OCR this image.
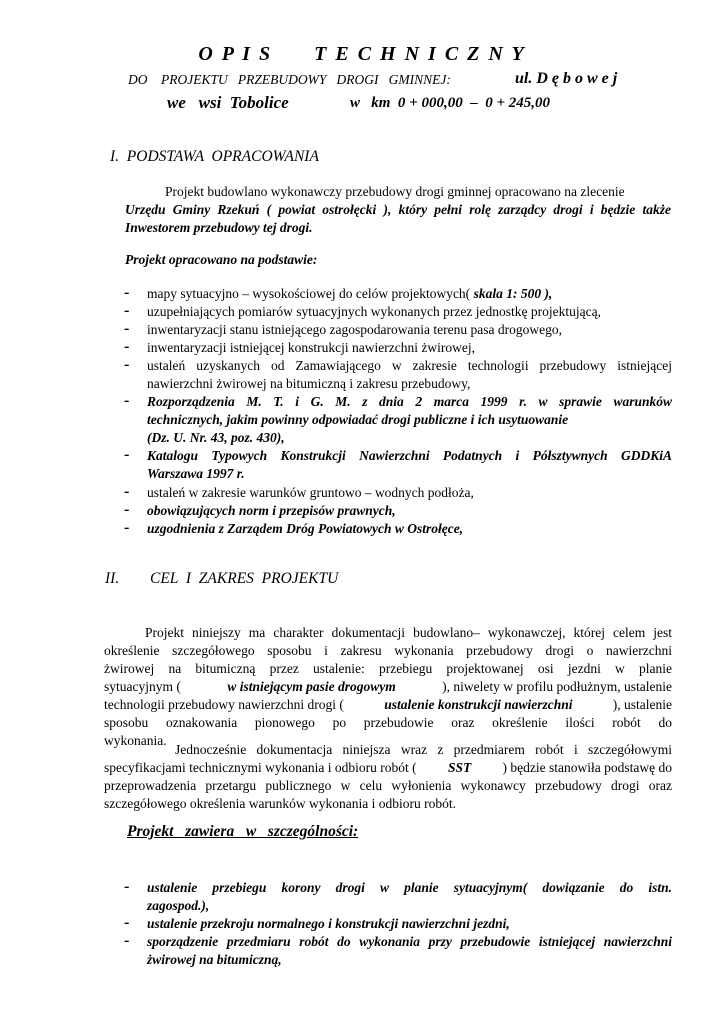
O P I S      T E C H N I C Z N Y
DO    PROJEKTU   PRZEBUDOWY   DROGI   GMINNEJ:	ul. D ę b o w e j
we   wsi  Tobolice	w   km  0 + 000,00  –  0 + 245,00
I.  PODSTAWA  OPRACOWANIA
Projekt budowlano wykonawczy przebudowy drogi gminnej opracowano na zlecenie
Urzędu Gminy Rzekuń ( powiat ostrołęcki ), który pełni rolę zarządcy drogi i będzie także
Inwestorem przebudowy tej drogi.
Projekt opracowano na podstawie:
- mapy sytuacyjno – wysokościowej do celów projektowych( skala 1: 500 ),
- uzupełniających pomiarów sytuacyjnych wykonanych przez jednostkę projektującą,
- inwentaryzacji stanu istniejącego zagospodarowania terenu pasa drogowego,
- inwentaryzacji istniejącej konstrukcji nawierzchni żwirowej,
- ustaleń uzyskanych od Zamawiającego w zakresie technologii przebudowy istniejącej
nawierzchni żwirowej na bitumiczną i zakresu przebudowy,
- Rozporządzenia M. T. i G. M. z dnia 2 marca 1999 r. w sprawie warunków
technicznych, jakim powinny odpowiadać drogi publiczne i ich usytuowanie
(Dz. U. Nr. 43, poz. 430),
- Katalogu Typowych Konstrukcji Nawierzchni Podatnych i Półsztywnych GDDKiA
Warszawa 1997 r.
- ustaleń w zakresie warunków gruntowo – wodnych podłoża,
- obowiązujących norm i przepisów prawnych,
- uzgodnienia z Zarządem Dróg Powiatowych w Ostrołęce,
II. CEL  I  ZAKRES  PROJEKTU
Projekt niniejszy ma charakter dokumentacji budowlano– wykonawczej, której celem jest
określenie szczegółowego sposobu i zakresu wykonania przebudowy drogi o nawierzchni
żwirowej na bitumiczną przez ustalenie: przebiegu projektowanej osi jezdni w planie
sytuacyjnym (	w istniejącym pasie drogowym	), niwelety w profilu podłużnym, ustalenie
technologii przebudowy nawierzchni drogi (	ustalenie konstrukcji nawierzchni	), ustalenie
sposobu oznakowania pionowego po przebudowie oraz określenie ilości robót do
wykonania.
Jednocześnie dokumentacja niniejsza wraz z przedmiarem robót i szczegółowymi
specyfikacjami technicznymi wykonania i odbioru robót ( SST ) będzie stanowiła podstawę do
przeprowadzenia przetargu publicznego w celu wyłonienia wykonawcy przebudowy drogi oraz
szczegółowego określenia warunków wykonania i odbioru robót.
Projekt   zawiera   w   szczególności:
- ustalenie przebiegu korony drogi w planie sytuacyjnym( dowiązanie do istn.
zagospod.),
- ustalenie przekroju normalnego i konstrukcji nawierzchni jezdni,
- sporządzenie przedmiaru robót do wykonania przy przebudowie istniejącej nawierzchni
żwirowej na bitumiczną,
